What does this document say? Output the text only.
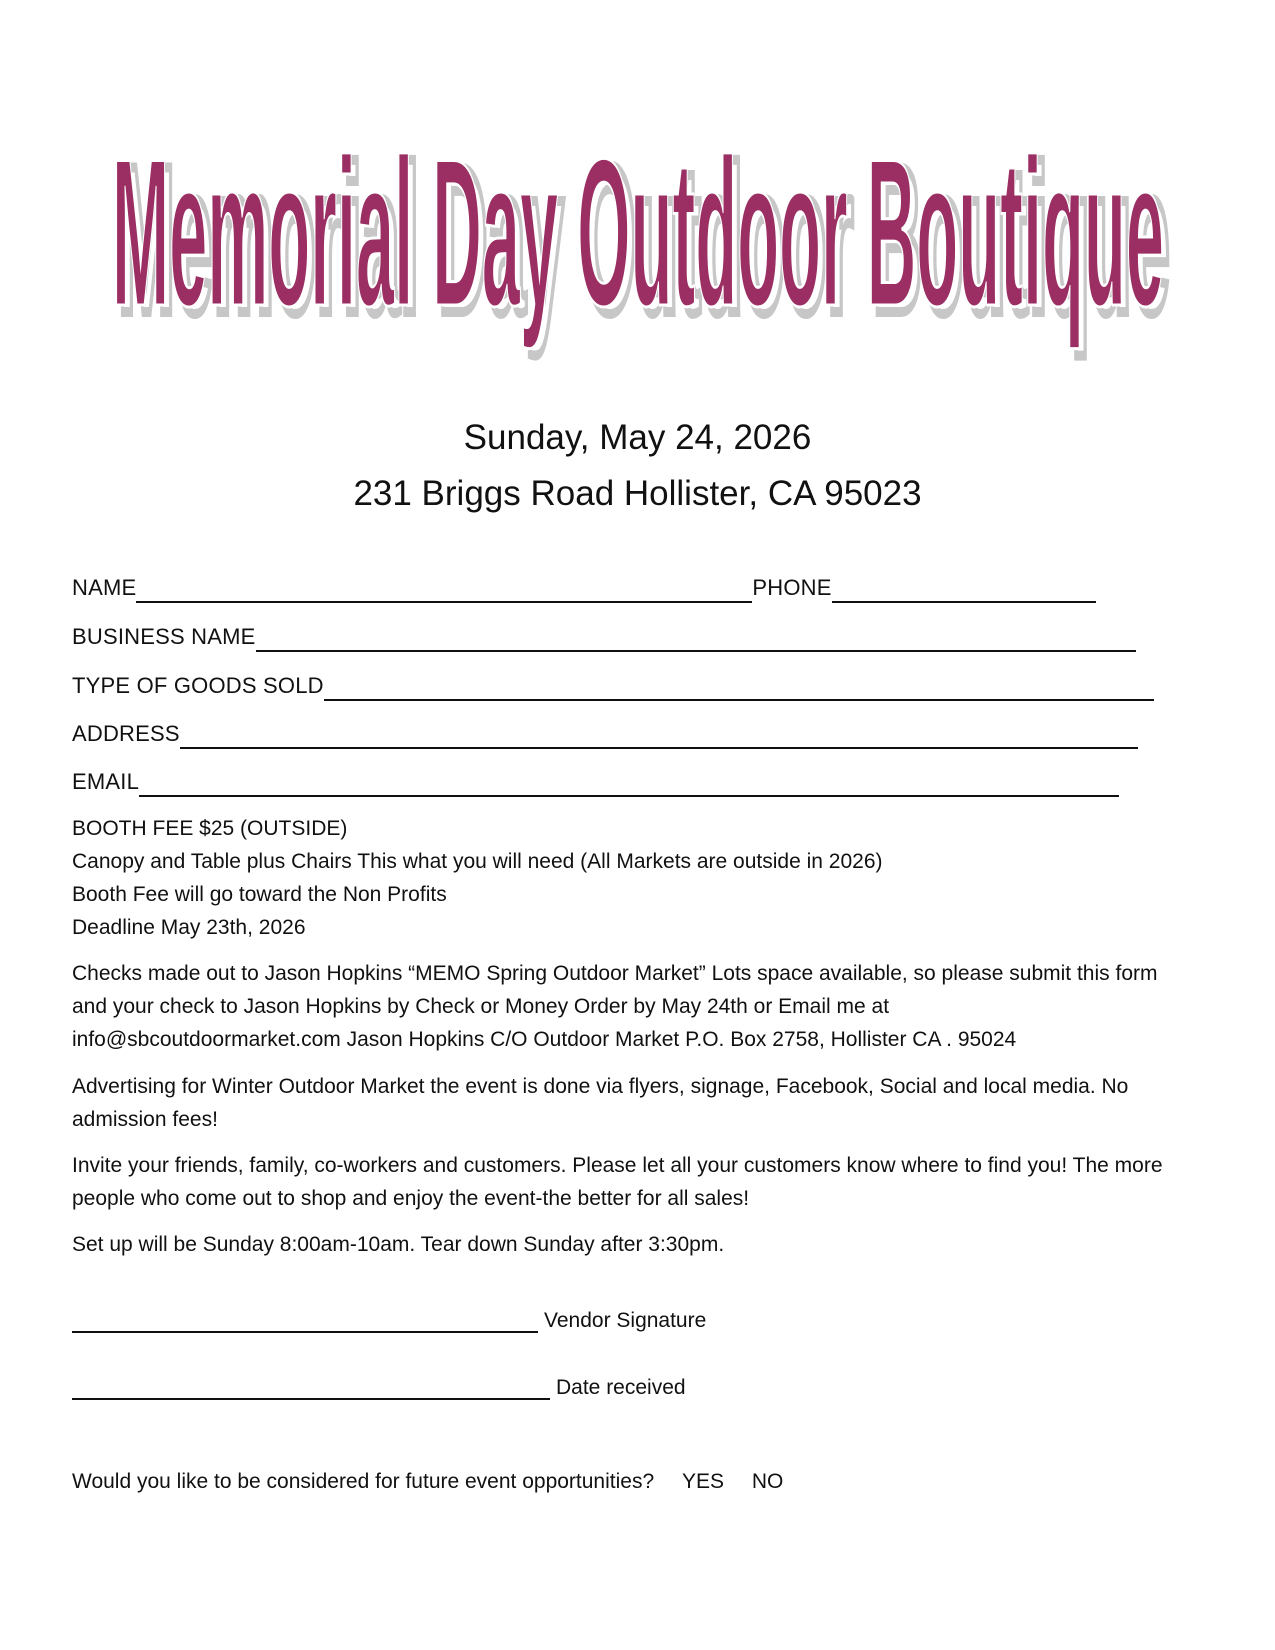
Memorial Day Outdoor Boutique
Memorial Day Outdoor Boutique
Sunday, May 24, 2026
231 Briggs Road Hollister, CA 95023
NAME	PHONE
BUSINESS NAME
TYPE OF GOODS SOLD
ADDRESS
EMAIL
BOOTH FEE $25 (OUTSIDE)
Canopy and Table plus Chairs This what you will need (All Markets are outside in 2026)
Booth Fee will go toward the Non Profits
Deadline May 23th, 2026
Checks made out to Jason Hopkins “MEMO Spring Outdoor Market” Lots space available, so please submit this form
and your check to Jason Hopkins by Check or Money Order by May 24th or Email me at
info@sbcoutdoormarket.com Jason Hopkins C/O Outdoor Market P.O. Box 2758, Hollister CA . 95024
Advertising for Winter Outdoor Market the event is done via flyers, signage, Facebook, Social and local media. No
admission fees!
Invite your friends, family, co-workers and customers. Please let all your customers know where to find you! The more
people who come out to shop and enjoy the event-the better for all sales!
Set up will be Sunday 8:00am-10am. Tear down Sunday after 3:30pm.
Vendor Signature
Date received
Would you like to be considered for future event opportunities? YES NO
